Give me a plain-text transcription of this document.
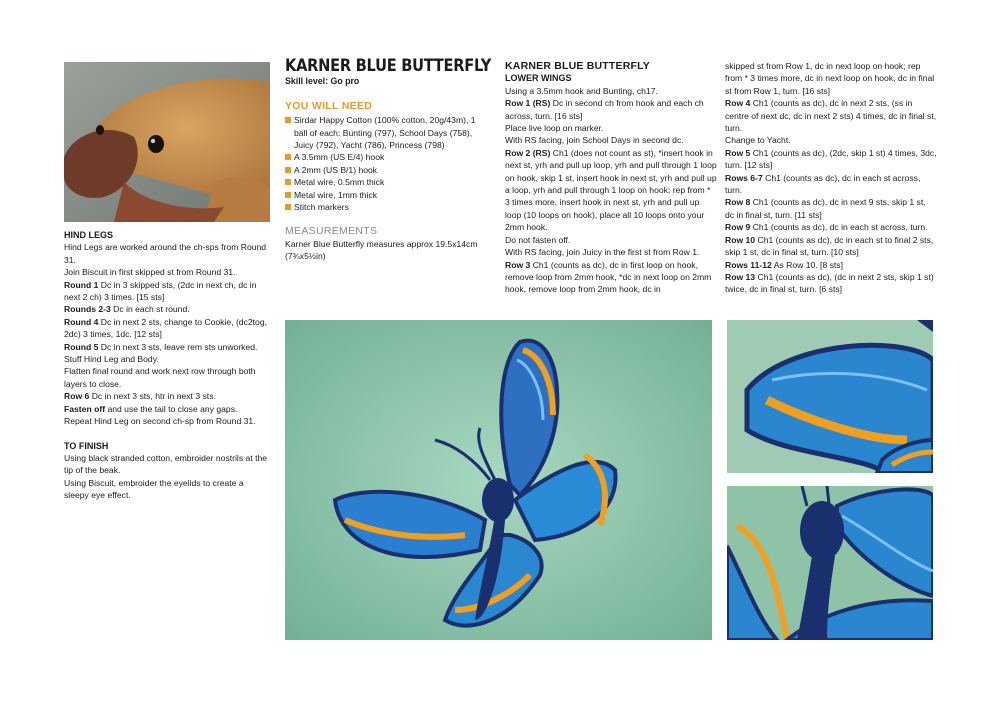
HIND LEGS

Hind Legs are worked around the ch-sps from Round 31.

Join Biscuit in first skipped st from Round 31.

Round 1 Dc in 3 skipped sts, (2dc in next ch, dc in next 2 ch) 3 times. [15 sts]

Rounds 2-3 Dc in each st round.

Round 4 Dc in next 2 sts, change to Cookie, (dc2tog, 2dc) 3 times, 1dc. [12 sts]

Round 5 Dc in next 3 sts, leave rem sts unworked.

Stuff Hind Leg and Body.

Flatten final round and work next row through both layers to close.

Row 6 Dc in next 3 sts, htr in next 3 sts.

Fasten off and use the tail to close any gaps.

Repeat Hind Leg on second ch-sp from Round 31.

TO FINISH

Using black stranded cotton, embroider nostrils at the tip of the beak.

Using Biscuit, embroider the eyelids to create a sleepy eye effect.

KARNER BLUE BUTTERFLY
Skill level: Go pro
YOU WILL NEED
Sirdar Happy Cotton (100% cotton, 20g/43m), 1 ball of each: Bunting (797), School Days (758), Juicy (792), Yacht (786), Princess (798)
A 3.5mm (US E/4) hook
A 2mm (US B/1) hook
Metal wire, 0.5mm thick
Metal wire, 1mm thick
Stitch markers
MEASUREMENTS

Karner Blue Butterfly measures approx 19.5x14cm (7¾x5½in)

KARNER BLUE BUTTERFLY
LOWER WINGS

Using a 3.5mm hook and Bunting, ch17.

Row 1 (RS) Dc in second ch from hook and each ch across, turn. [16 sts]

Place live loop on marker.

With RS facing, join School Days in second dc.

Row 2 (RS) Ch1 (does not count as st), *insert hook in next st, yrh and pull up loop, yrh and pull through 1 loop on hook, skip 1 st, insert hook in next st, yrh and pull up a loop, yrh and pull through 1 loop on hook; rep from * 3 times more, insert hook in next st, yrh and pull up loop (10 loops on hook), place all 10 loops onto your 2mm hook.

Do not fasten off.

With RS facing, join Juicy in the first st from Row 1.

Row 3 Ch1 (counts as dc), dc in first loop on hook, remove loop from 2mm hook, *dc in next loop on 2mm hook, remove loop from 2mm hook, dc in

skipped st from Row 1, dc in next loop on hook; rep from * 3 times more, dc in next loop on hook, dc in final st from Row 1, turn. [16 sts]

Row 4 Ch1 (counts as dc), dc in next 2 sts, (ss in centre of next dc, dc in next 2 sts) 4 times, dc in final st, turn.

Change to Yacht.

Row 5 Ch1 (counts as dc), (2dc, skip 1 st) 4 times, 3dc, turn. [12 sts]

Rows 6-7 Ch1 (counts as dc), dc in each st across, turn.

Row 8 Ch1 (counts as dc), dc in next 9 sts, skip 1 st, dc in final st, turn. [11 sts]

Row 9 Ch1 (counts as dc), dc in each st across, turn.

Row 10 Ch1 (counts as dc), dc in each st to final 2 sts, skip 1 st, dc in final st, turn. [10 sts]

Rows 11-12 As Row 10. [8 sts]

Row 13 Ch1 (counts as dc), (dc in next 2 sts, skip 1 st) twice, dc in final st, turn. [6 sts]
